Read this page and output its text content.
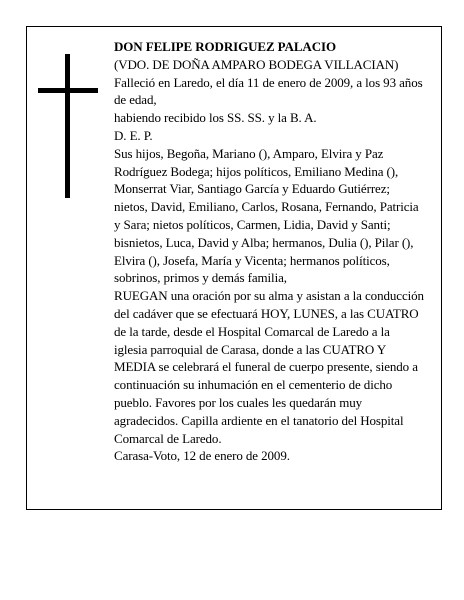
DON FELIPE RODRIGUEZ PALACIO

(VDO. DE DOÑA AMPARO BODEGA VILLACIAN)

Falleció en Laredo, el día 11 de enero de 2009, a los 93 años de edad,

habiendo recibido los SS. SS. y la B. A.

D. E. P.

Sus hijos, Begoña, Mariano (), Amparo, Elvira y Paz Rodríguez Bodega; hijos políticos, Emiliano Medina (), Monserrat Viar, Santiago García y Eduardo Gutiérrez; nietos, David, Emiliano, Carlos, Rosana, Fernando, Patricia y Sara; nietos políticos, Carmen, Lidia, David y Santi; bisnietos, Luca, David y Alba; hermanos, Dulia (), Pilar (), Elvira (), Josefa, María y Vicenta; hermanos políticos, sobrinos, primos y demás familia,

RUEGAN una oración por su alma y asistan a la conducción del cadáver que se efectuará HOY, LUNES, a las CUATRO de la tarde, desde el Hospital Comarcal de Laredo a la iglesia parroquial de Carasa, donde a las CUATRO Y MEDIA se celebrará el funeral de cuerpo presente, siendo a continuación su inhumación en el cementerio de dicho pueblo. Favores por los cuales les quedarán muy agradecidos. Capilla ardiente en el tanatorio del Hospital Comarcal de Laredo.

Carasa-Voto, 12 de enero de 2009.
